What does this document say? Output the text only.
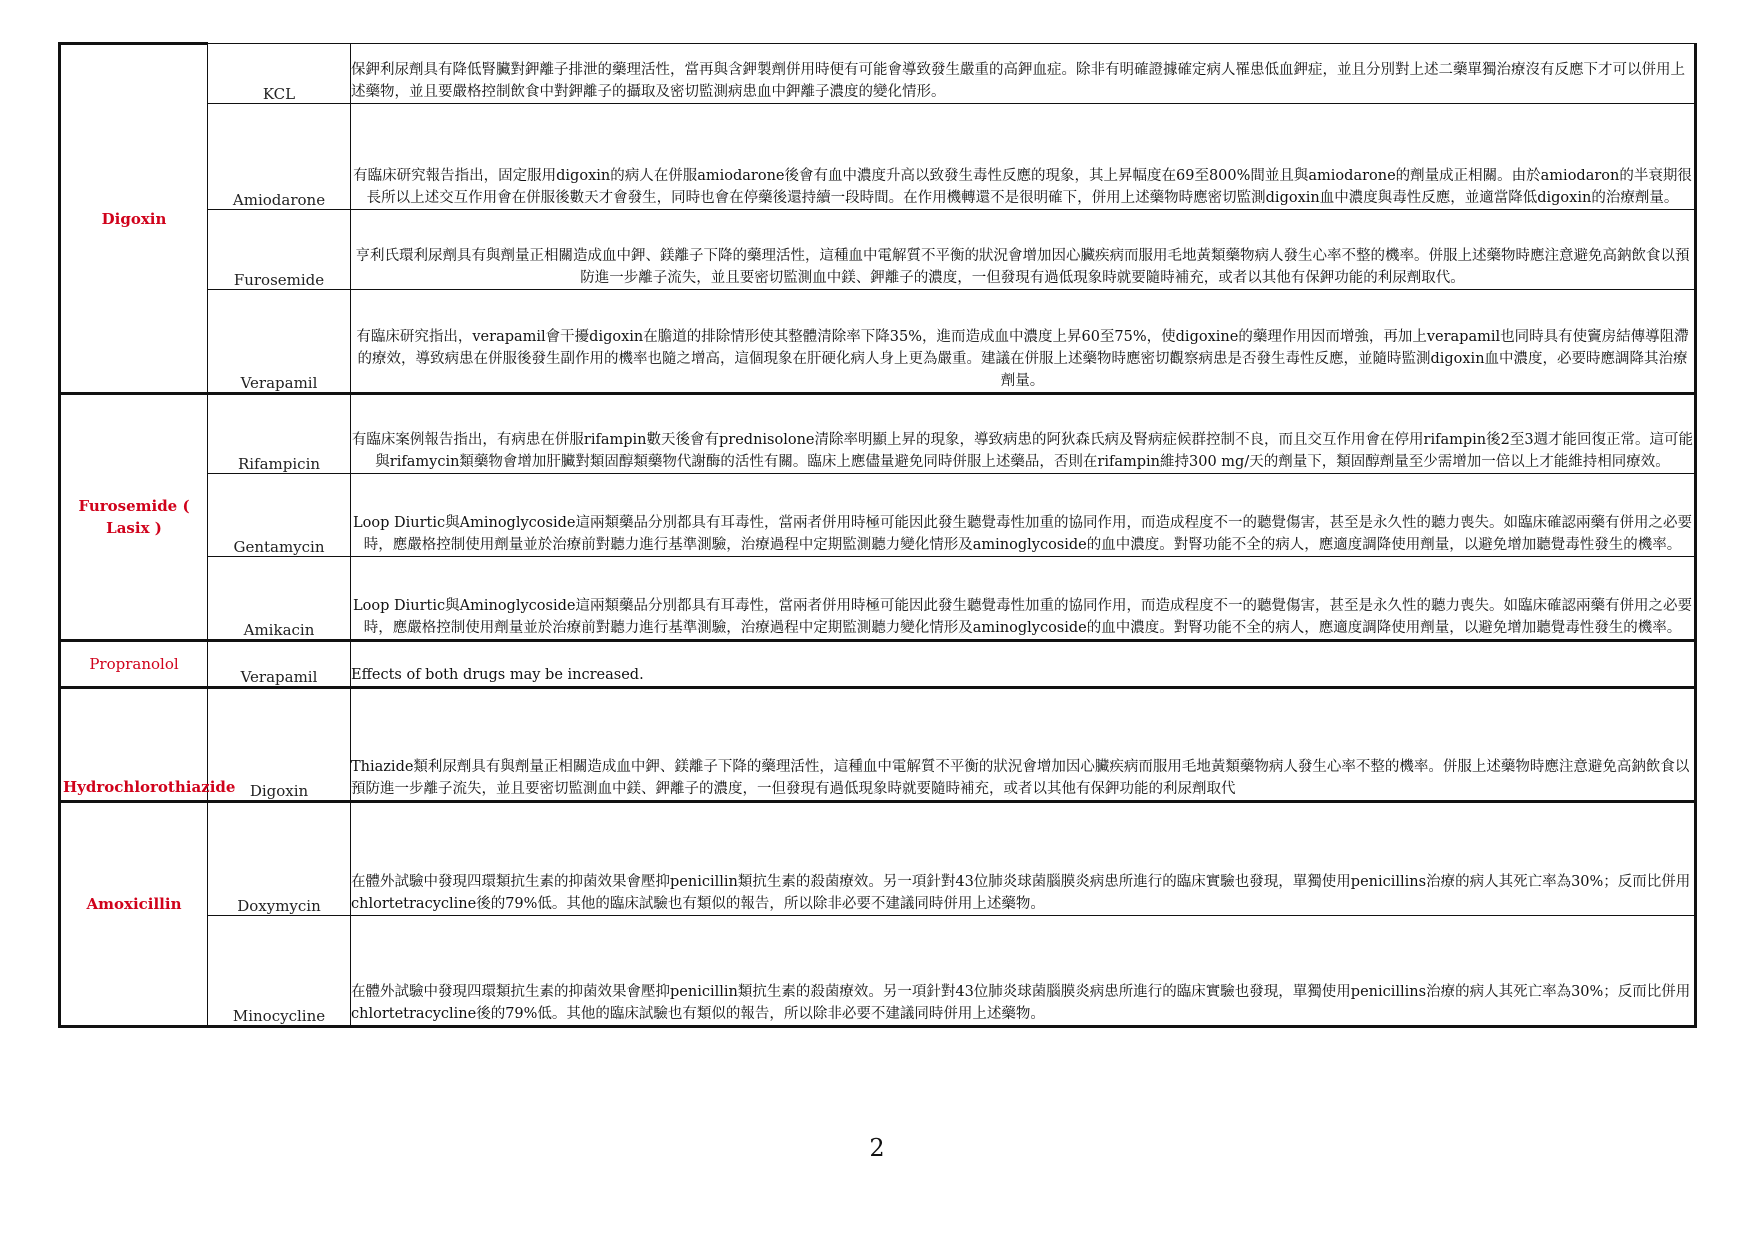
Digoxin	KCL	保鉀利尿劑具有降低腎臟對鉀離子排泄的藥理活性，當再與含鉀製劑併用時便有可能會導致發生嚴重的高鉀血症。除非有明確證據確定病人罹患低血鉀症，並且分別對上述二藥單獨治療沒有反應下才可以併用上述藥物，並且要嚴格控制飲食中對鉀離子的攝取及密切監測病患血中鉀離子濃度的變化情形。
	Amiodarone	有臨床研究報告指出，固定服用digoxin的病人在併服amiodarone後會有血中濃度升高以致發生毒性反應的現象，其上昇幅度在69至800%間並且與amiodarone的劑量成正相關。由於amiodaron的半衰期很長所以上述交互作用會在併服後數天才會發生，同時也會在停藥後還持續一段時間。在作用機轉還不是很明確下，併用上述藥物時應密切監測digoxin血中濃度與毒性反應，並適當降低digoxin的治療劑量。
	Furosemide	亨利氏環利尿劑具有與劑量正相關造成血中鉀、鎂離子下降的藥理活性，這種血中電解質不平衡的狀況會增加因心臟疾病而服用毛地黃類藥物病人發生心率不整的機率。併服上述藥物時應注意避免高鈉飲食以預防進一步離子流失，並且要密切監測血中鎂、鉀離子的濃度，一但發現有過低現象時就要隨時補充，或者以其他有保鉀功能的利尿劑取代。
	Verapamil	有臨床研究指出，verapamil會干擾digoxin在膽道的排除情形使其整體清除率下降35%，進而造成血中濃度上昇60至75%，使digoxine的藥理作用因而增強，再加上verapamil也同時具有使竇房結傳導阻滯的療效，導致病患在併服後發生副作用的機率也隨之增高，這個現象在肝硬化病人身上更為嚴重。建議在併服上述藥物時應密切觀察病患是否發生毒性反應，並隨時監測digoxin血中濃度，必要時應調降其治療劑量。
Furosemide ( Lasix )	Rifampicin	有臨床案例報告指出，有病患在併服rifampin數天後會有prednisolone清除率明顯上昇的現象，導致病患的阿狄森氏病及腎病症候群控制不良，而且交互作用會在停用rifampin後2至3週才能回復正常。這可能與rifamycin類藥物會增加肝臟對類固醇類藥物代謝酶的活性有關。臨床上應儘量避免同時併服上述藥品，否則在rifampin維持300 mg/天的劑量下，類固醇劑量至少需增加一倍以上才能維持相同療效。
	Gentamycin	Loop Diurtic與Aminoglycoside這兩類藥品分別都具有耳毒性，當兩者併用時極可能因此發生聽覺毒性加重的協同作用，而造成程度不一的聽覺傷害，甚至是永久性的聽力喪失。如臨床確認兩藥有併用之必要時，應嚴格控制使用劑量並於治療前對聽力進行基準測驗，治療過程中定期監測聽力變化情形及aminoglycoside的血中濃度。對腎功能不全的病人，應適度調降使用劑量，以避免增加聽覺毒性發生的機率。
	Amikacin	Loop Diurtic與Aminoglycoside這兩類藥品分別都具有耳毒性，當兩者併用時極可能因此發生聽覺毒性加重的協同作用，而造成程度不一的聽覺傷害，甚至是永久性的聽力喪失。如臨床確認兩藥有併用之必要時，應嚴格控制使用劑量並於治療前對聽力進行基準測驗，治療過程中定期監測聽力變化情形及aminoglycoside的血中濃度。對腎功能不全的病人，應適度調降使用劑量，以避免增加聽覺毒性發生的機率。
Propranolol	Verapamil	Effects of both drugs may be increased.
Hydrochlorothiazide	Digoxin	Thiazide類利尿劑具有與劑量正相關造成血中鉀、鎂離子下降的藥理活性，這種血中電解質不平衡的狀況會增加因心臟疾病而服用毛地黃類藥物病人發生心率不整的機率。併服上述藥物時應注意避免高鈉飲食以預防進一步離子流失，並且要密切監測血中鎂、鉀離子的濃度，一但發現有過低現象時就要隨時補充，或者以其他有保鉀功能的利尿劑取代
Amoxicillin	Doxymycin	在體外試驗中發現四環類抗生素的抑菌效果會壓抑penicillin類抗生素的殺菌療效。另一項針對43位肺炎球菌腦膜炎病患所進行的臨床實驗也發現，單獨使用penicillins治療的病人其死亡率為30%；反而比併用chlortetracycline後的79%低。其他的臨床試驗也有類似的報告，所以除非必要不建議同時併用上述藥物。
	Minocycline	在體外試驗中發現四環類抗生素的抑菌效果會壓抑penicillin類抗生素的殺菌療效。另一項針對43位肺炎球菌腦膜炎病患所進行的臨床實驗也發現，單獨使用penicillins治療的病人其死亡率為30%；反而比併用chlortetracycline後的79%低。其他的臨床試驗也有類似的報告，所以除非必要不建議同時併用上述藥物。
2
